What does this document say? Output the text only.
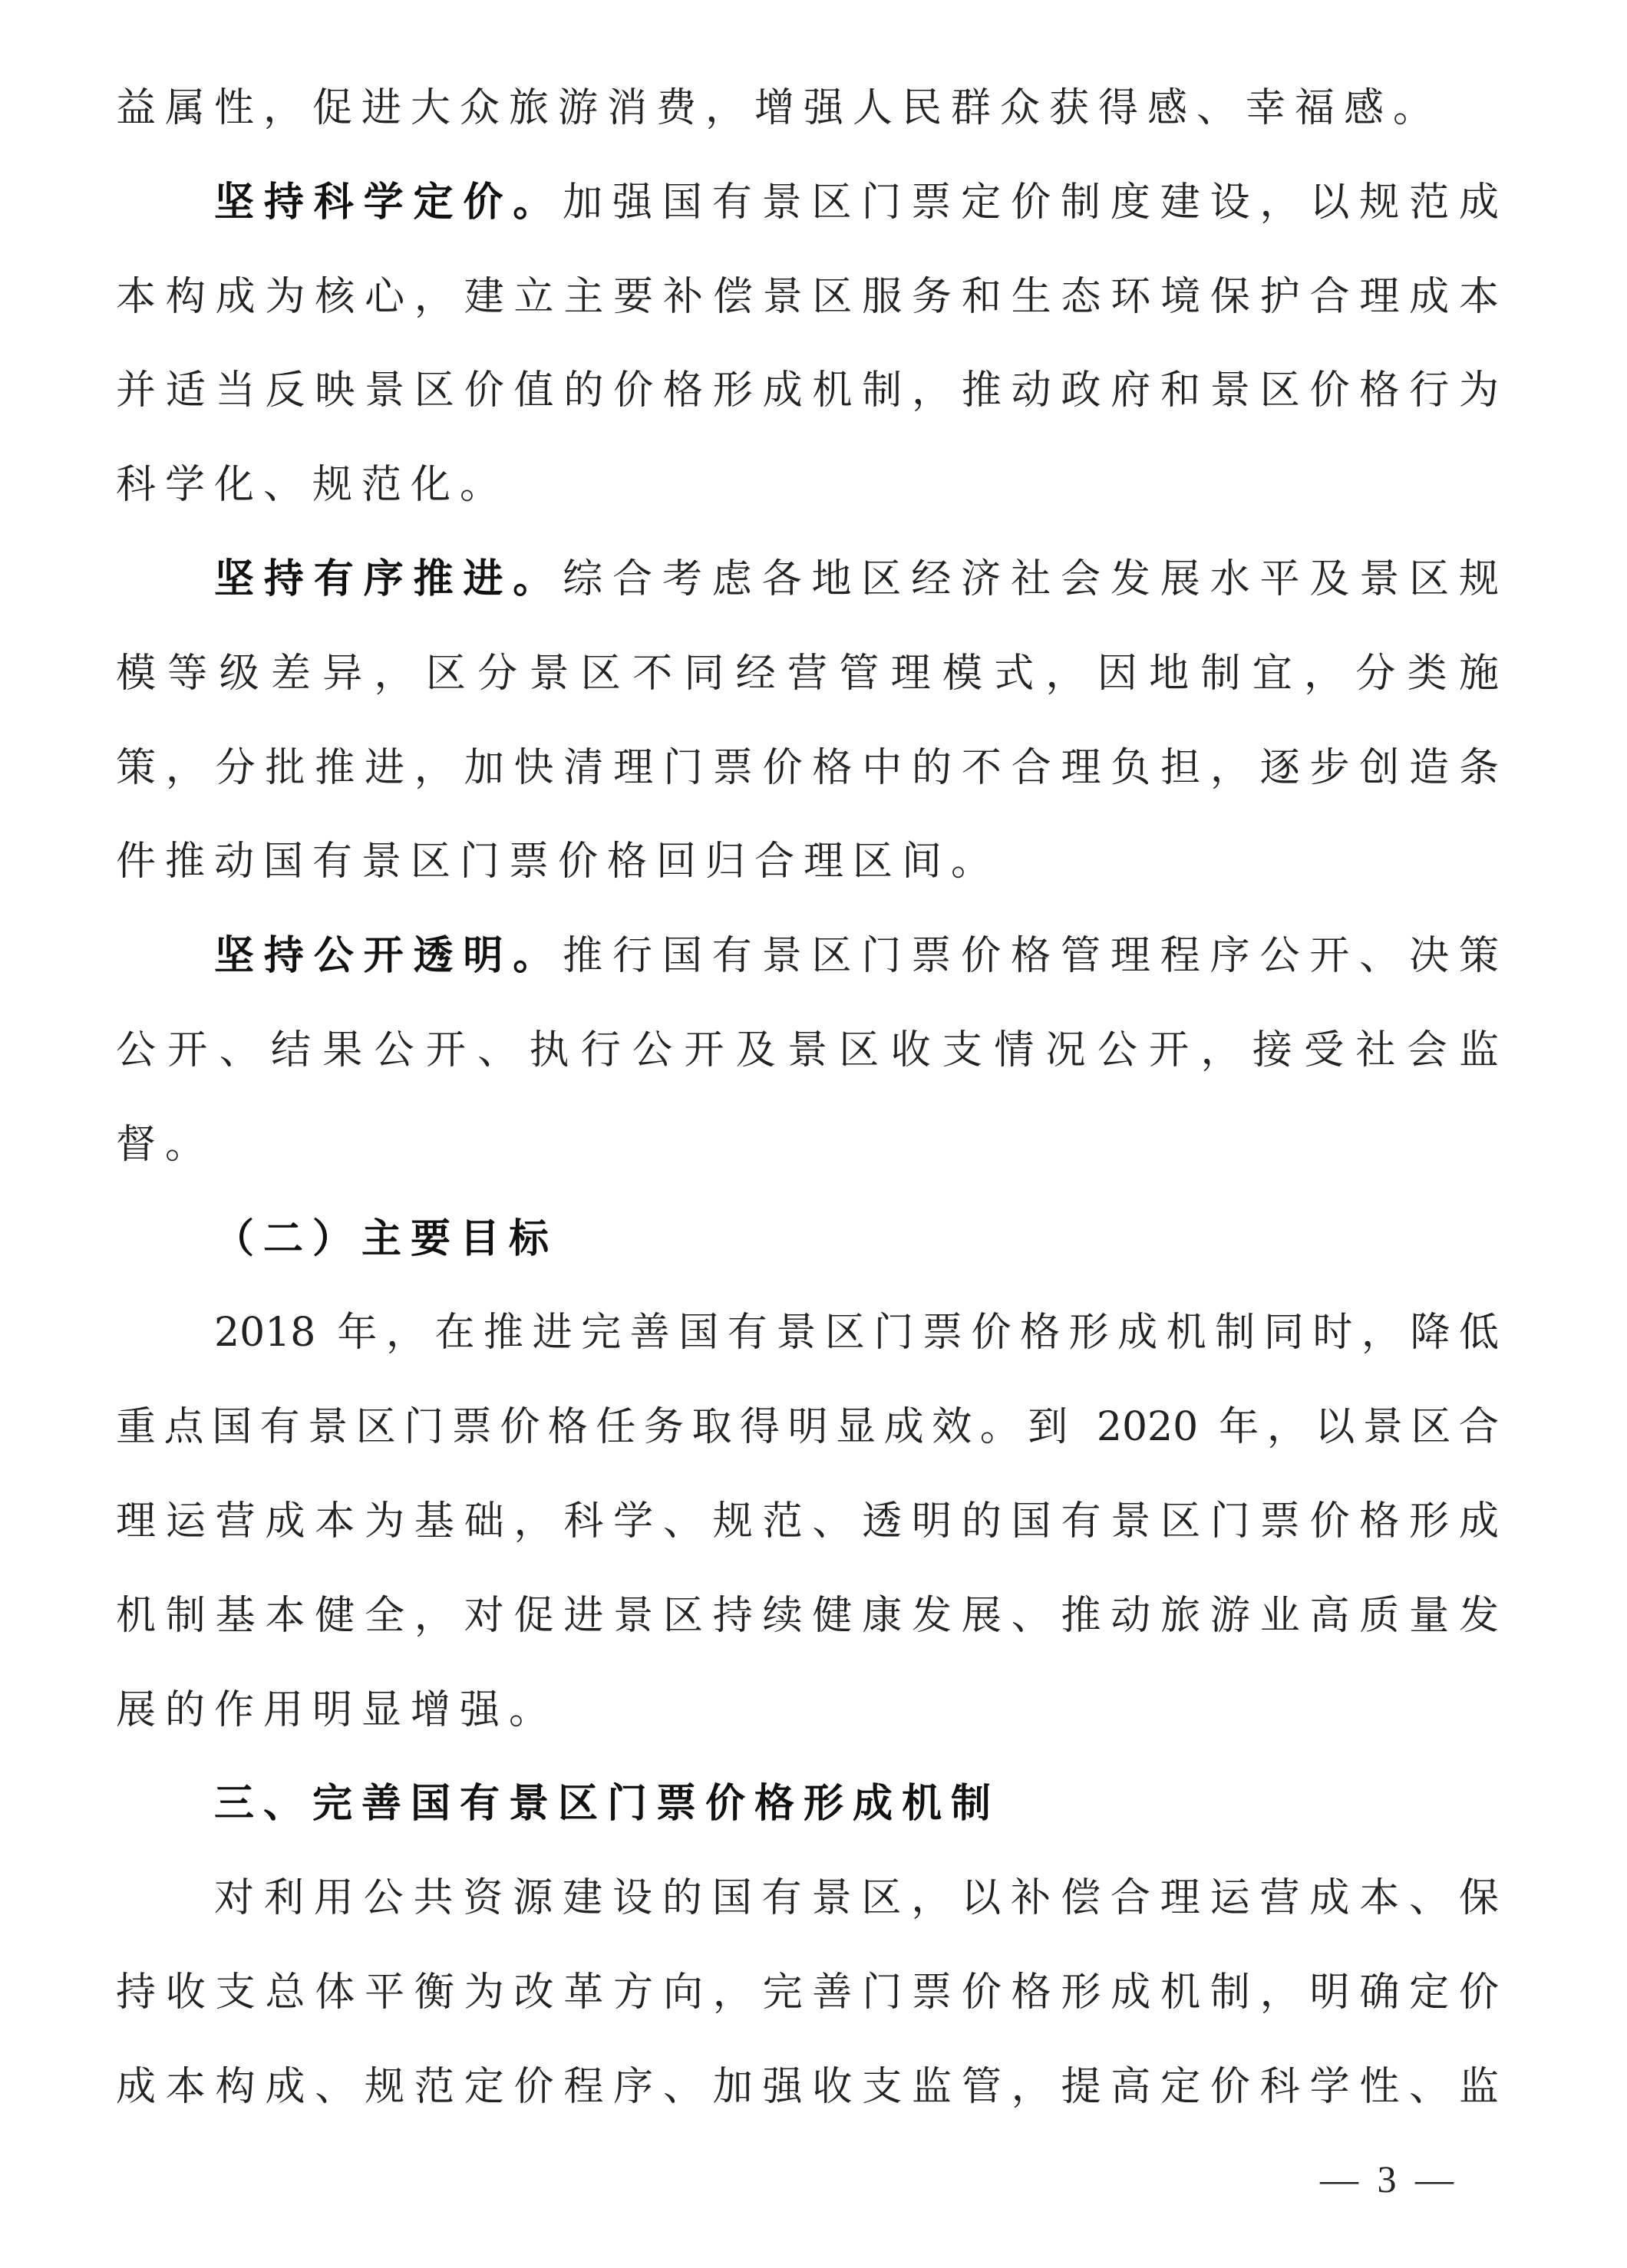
益属性，促进大众旅游消费，增强人民群众获得感、幸福感。
坚持科学定价。加强国有景区门票定价制度建设，以规范成
本构成为核心，建立主要补偿景区服务和生态环境保护合理成本
并适当反映景区价值的价格形成机制，推动政府和景区价格行为
科学化、规范化。
坚持有序推进。综合考虑各地区经济社会发展水平及景区规
模等级差异，区分景区不同经营管理模式，因地制宜，分类施
策，分批推进，加快清理门票价格中的不合理负担，逐步创造条
件推动国有景区门票价格回归合理区间。
坚持公开透明。推行国有景区门票价格管理程序公开、决策
公开、结果公开、执行公开及景区收支情况公开，接受社会监
督。
（二）主要目标
2018 年，在推进完善国有景区门票价格形成机制同时，降低
重点国有景区门票价格任务取得明显成效。到 2020 年，以景区合
理运营成本为基础，科学、规范、透明的国有景区门票价格形成
机制基本健全，对促进景区持续健康发展、推动旅游业高质量发
展的作用明显增强。
三、完善国有景区门票价格形成机制
对利用公共资源建设的国有景区，以补偿合理运营成本、保
持收支总体平衡为改革方向，完善门票价格形成机制，明确定价
成本构成、规范定价程序、加强收支监管，提高定价科学性、监
— 3 —
